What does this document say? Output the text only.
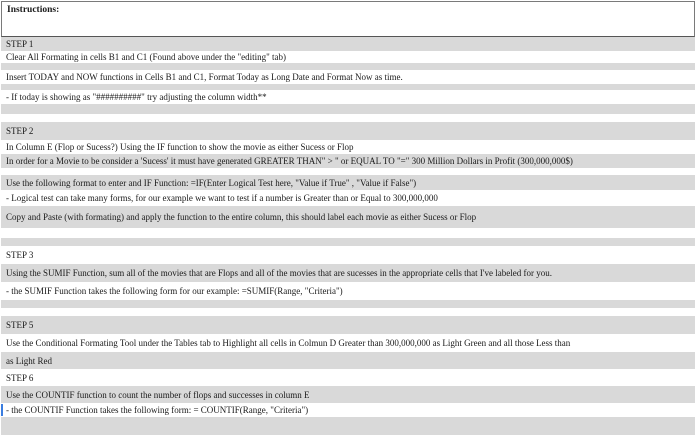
Instructions:
STEP 1
Clear All Formating in cells B1 and C1 (Found above under the "editing" tab)
Insert TODAY and NOW functions in Cells B1 and C1, Format Today as Long Date and Format Now as time.
- If today is showing as "##########" try adjusting the column width**
STEP 2
In Column E (Flop or Sucess?) Using the IF function to show the movie as either Sucess or Flop
In order for a Movie to be consider a 'Sucess' it must have generated GREATER THAN" > " or EQUAL TO "=" 300 Million Dollars in Profit (300,000,000$)
Use the following format to enter and IF Function: =IF(Enter Logical Test here, "Value if True" , "Value if False")
- Logical test can take many forms, for our example we want to test if a number is Greater than or Equal to 300,000,000
Copy and Paste (with formating) and apply the function to the entire column, this should label each movie as either Sucess or Flop
STEP 3
Using the SUMIF Function, sum all of the movies that are Flops and all of the movies that are sucesses in the appropriate cells that I've labeled for you.
- the SUMIF Function takes the following form for our example: =SUMIF(Range, "Criteria")
STEP 5
Use the Conditional Formating Tool under the Tables tab to Highlight all cells in Colmun D Greater than 300,000,000 as Light Green and all those Less than
as Light Red
STEP 6
Use the COUNTIF function to count the number of flops and successes in column E
- the COUNTIF Function takes the following form: = COUNTIF(Range, "Criteria")
